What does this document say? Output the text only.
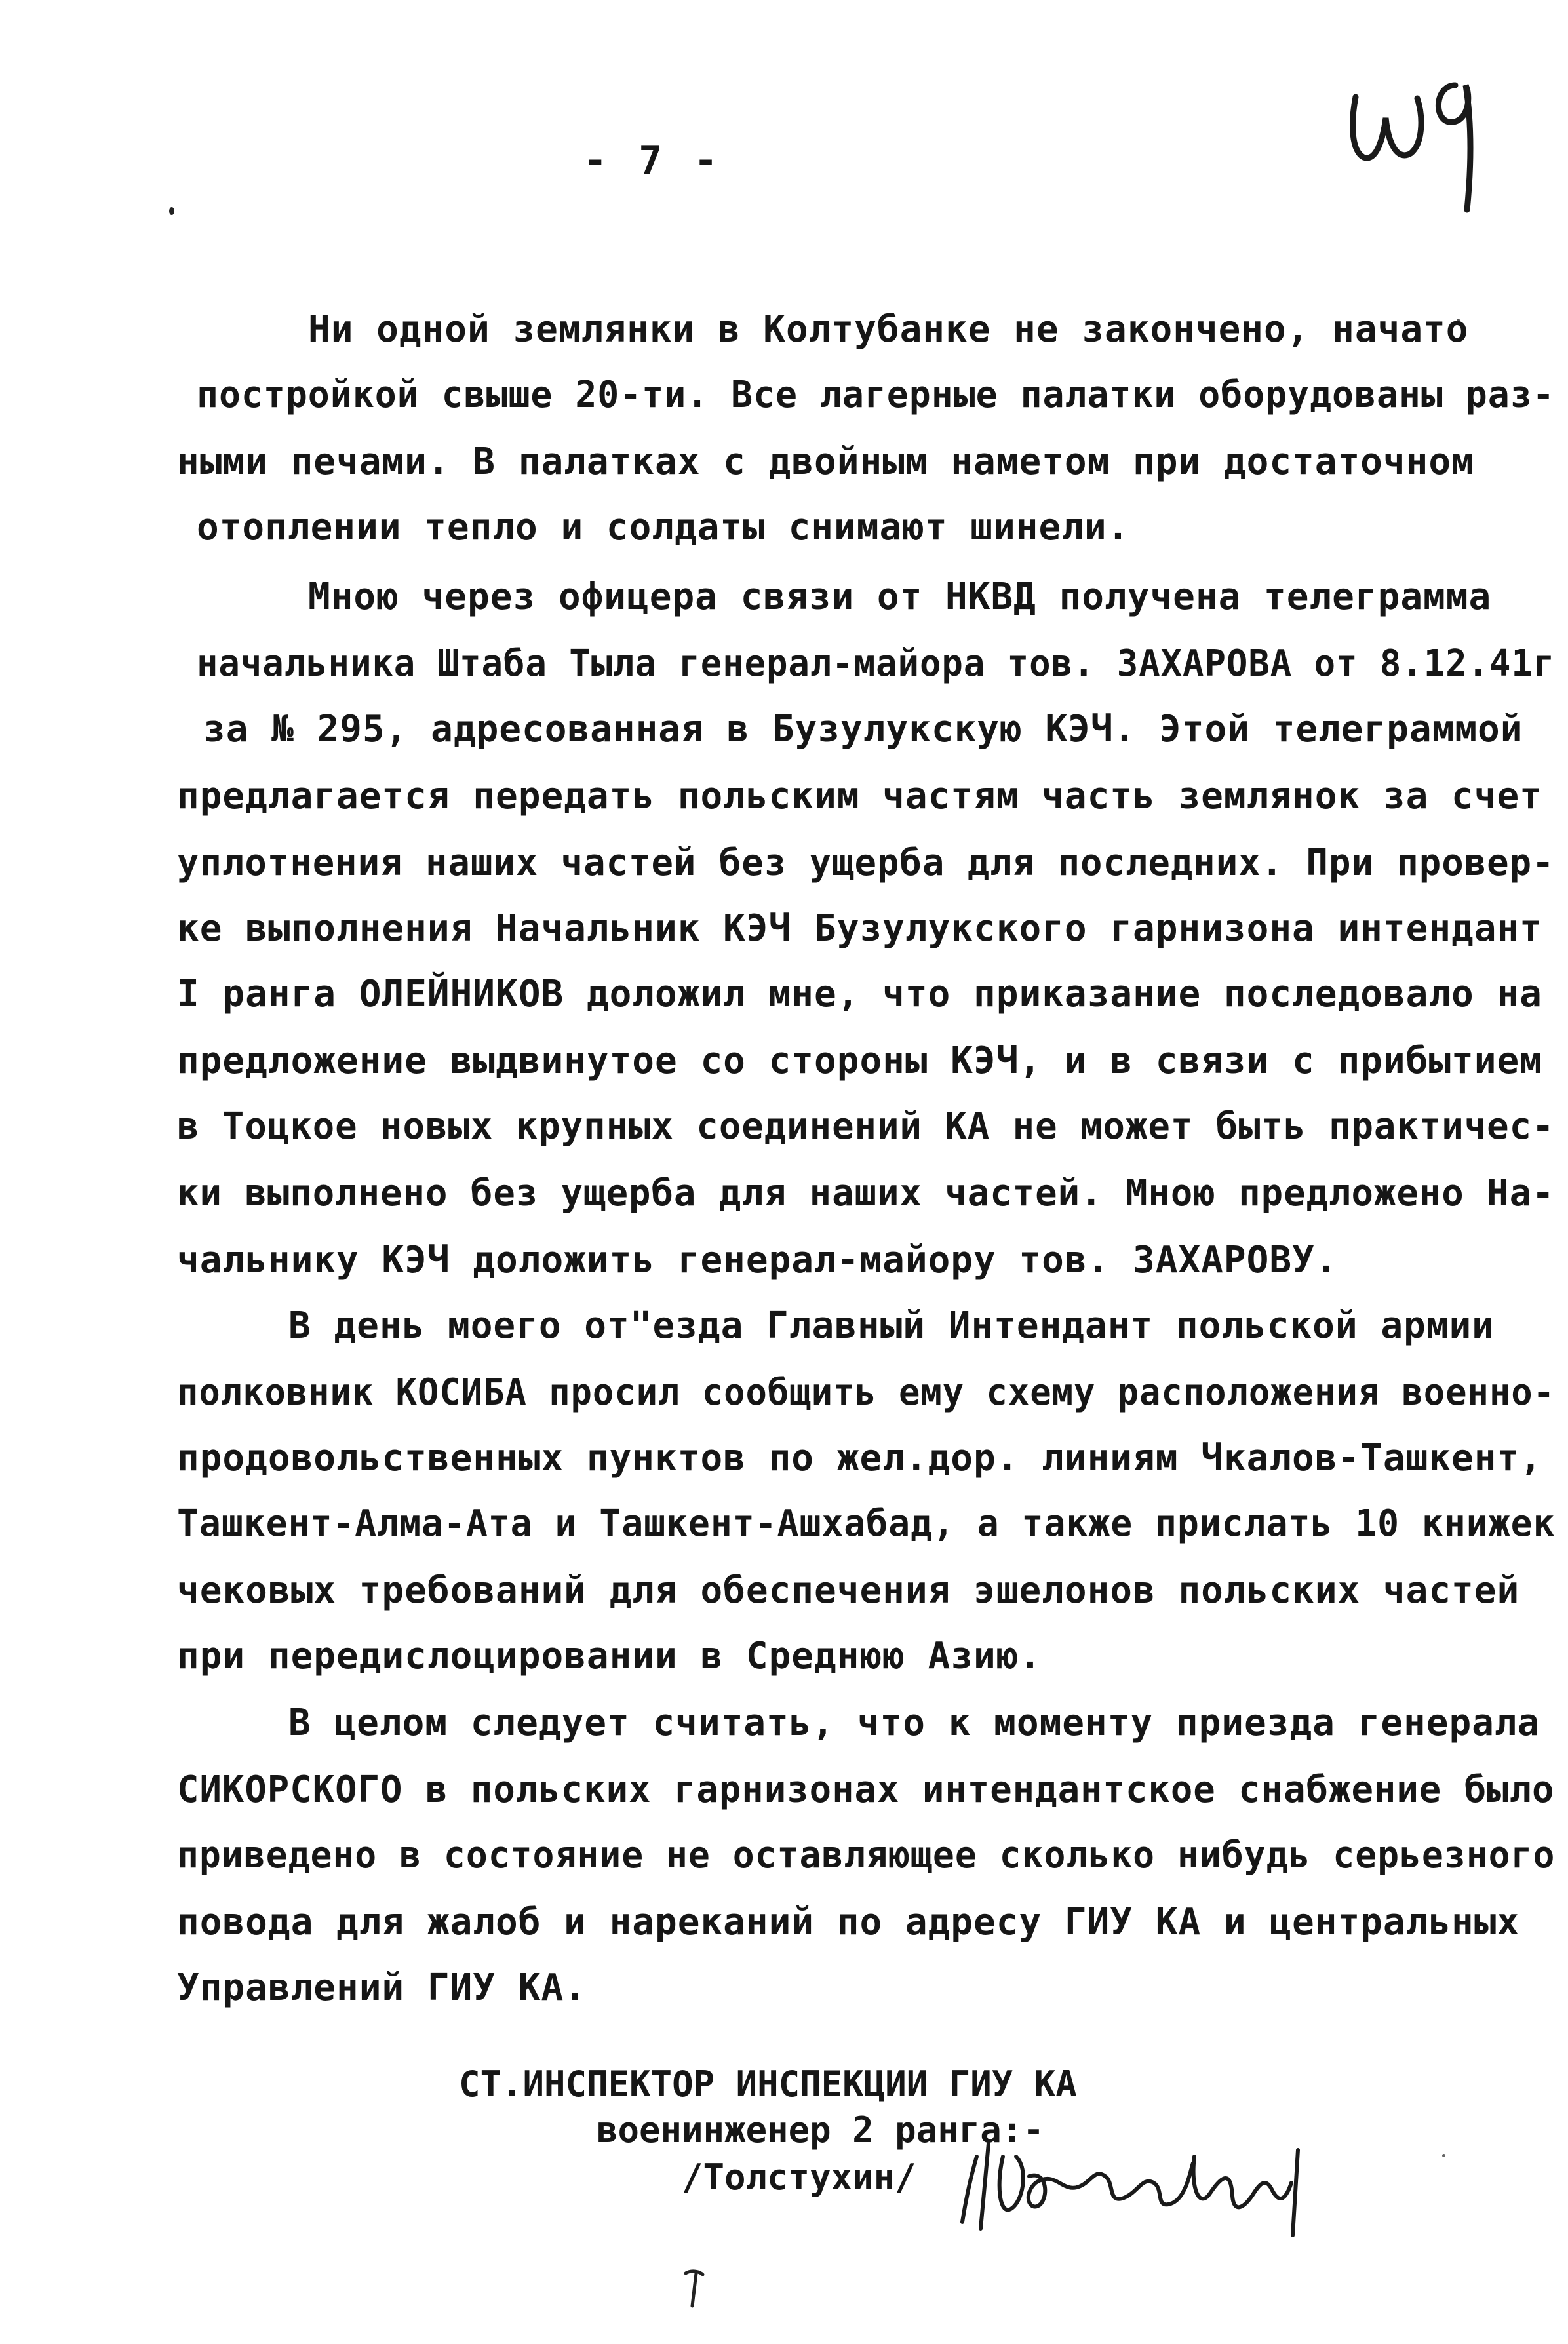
- 7 -
Ни одной землянки в Колтубанке не закончено, начато
постройкой свыше 20-ти. Все лагерные палатки оборудованы раз-
ными печами. В палатках с двойным наметом при достаточном
отоплении тепло и солдаты снимают шинели.
Мною через офицера связи от НКВД получена телеграмма
начальника Штаба Тыла генерал-майора тов. ЗАХАРОВА от 8.12.41г
за № 295, адресованная в Бузулукскую КЭЧ. Этой телеграммой
предлагается передать польским частям часть землянок за счет
уплотнения наших частей без ущерба для последних. При провер-
ке выполнения Начальник КЭЧ Бузулукского гарнизона интендант
I ранга ОЛЕЙНИКОВ доложил мне, что приказание последовало на
предложение выдвинутое со стороны КЭЧ, и в связи с прибытием
в Тоцкое новых крупных соединений КА не может быть практичес-
ки выполнено без ущерба для наших частей. Мною предложено На-
чальнику КЭЧ доложить генерал-майору тов. ЗАХАРОВУ.
В день моего от"езда Главный Интендант польской армии
полковник КОСИБА просил сообщить ему схему расположения военно-
продовольственных пунктов по жел.дор. линиям Чкалов-Ташкент,
Ташкент-Алма-Ата и Ташкент-Ашхабад, а также прислать 10 книжек
чековых требований для обеспечения эшелонов польских частей
при передислоцировании в Среднюю Азию.
В целом следует считать, что к моменту приезда генерала
СИКОРСКОГО в польских гарнизонах интендантское снабжение было
приведено в состояние не оставляющее сколько нибудь серьезного
повода для жалоб и нареканий по адресу ГИУ КА и центральных
Управлений ГИУ КА.
СТ.ИНСПЕКТОР ИНСПЕКЦИИ ГИУ КА
военинженер 2 ранга:-
/Толстухин/
